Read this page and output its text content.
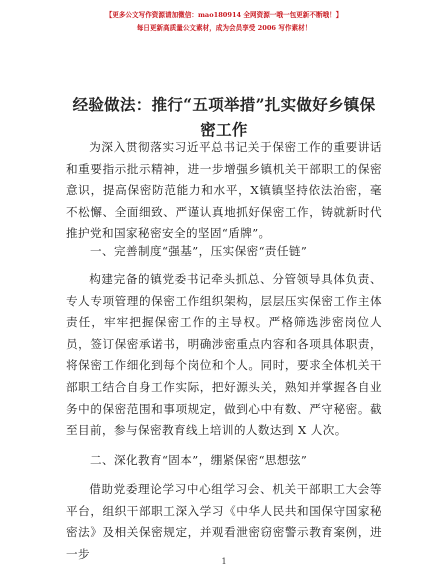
【更多公文写作资源请加微信：mao180914 全网资源一哦一包更新不断哦！】
每日更新高质量公文素材，成为会员享受 2006 写作素材！
经验做法：推行“五项举措”扎实做好乡镇保
密工作

为深入贯彻落实习近平总书记关于保密工作的重要讲话和重要指示批示精神，进一步增强乡镇机关干部职工的保密意识，提高保密防范能力和水平，X镇镇坚持依法治密，毫不松懈、全面细致、严谨认真地抓好保密工作，铸就新时代推护党和国家秘密安全的坚固“盾牌”。

一、完善制度“强基”，压实保密“责任链”

构建完备的镇党委书记牵头抓总、分管领导具体负责、专人专项管理的保密工作组织架构，层层压实保密工作主体责任，牢牢把握保密工作的主导权。严格筛选涉密岗位人员，签订保密承诺书，明确涉密重点内容和各项具体职责，将保密工作细化到每个岗位和个人。同时，要求全体机关干部职工结合自身工作实际，把好源头关，熟知并掌握各自业务中的保密范围和事项规定，做到心中有数、严守秘密。截至目前，参与保密教育线上培训的人数达到 X 人次。

二、深化教育“固本”，绷紧保密“思想弦”

借助党委理论学习中心组学习会、机关干部职工大会等平台，组织干部职工深入学习《中华人民共和国保守国家秘密法》及相关保密规定，并观看泄密窃密警示教育案例，进一步

1
